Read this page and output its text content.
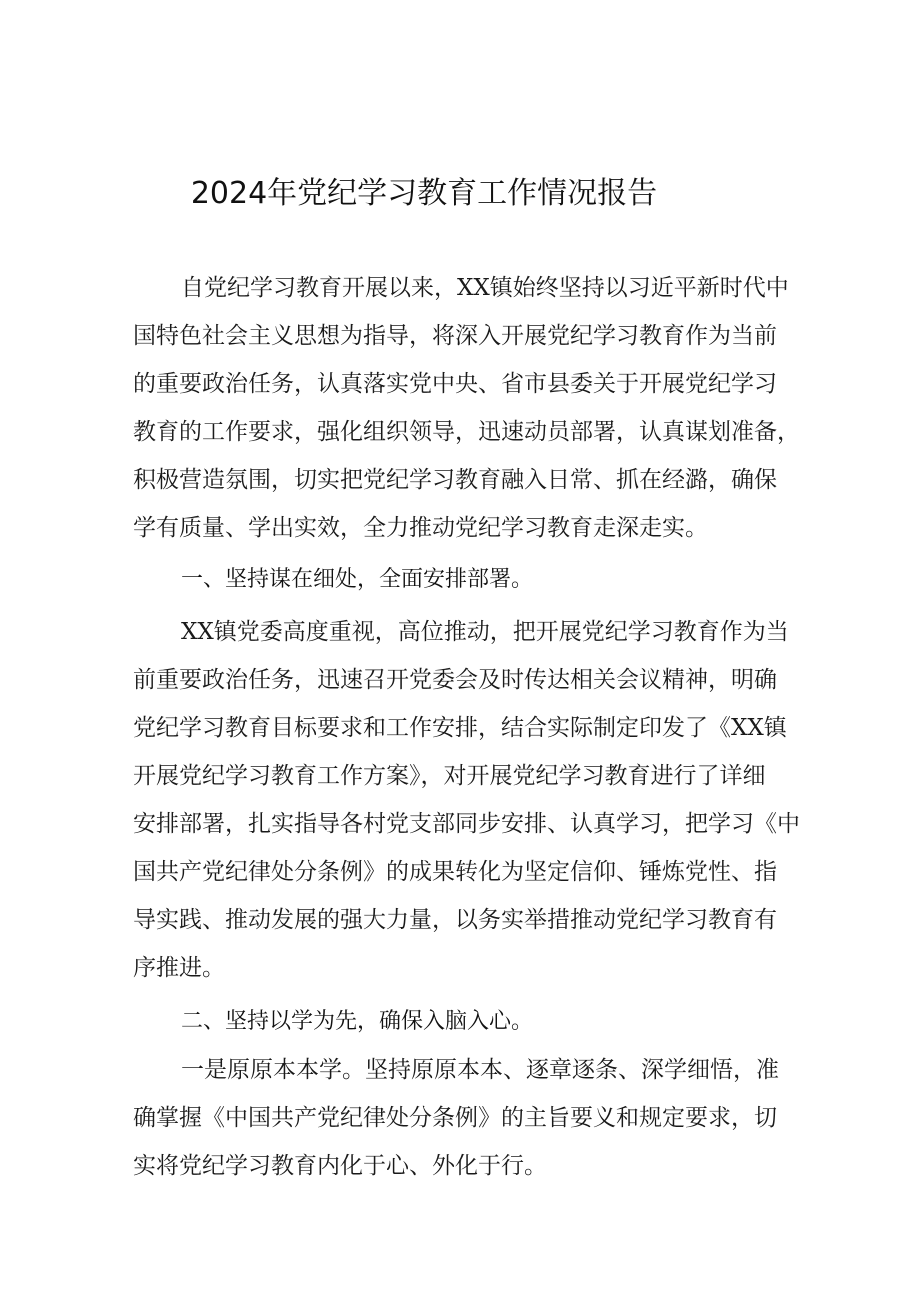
2024年党纪学习教育工作情况报告
自党纪学习教育开展以来，XX镇始终坚持以习近平新时代中
国特色社会主义思想为指导，将深入开展党纪学习教育作为当前
的重要政治任务，认真落实党中央、省市县委关于开展党纪学习
教育的工作要求，强化组织领导，迅速动员部署，认真谋划准备，
积极营造氛围，切实把党纪学习教育融入日常、抓在经潞，确保
学有质量、学出实效，全力推动党纪学习教育走深走实。
一、坚持谋在细处，全面安排部署。
XX镇党委高度重视，高位推动，把开展党纪学习教育作为当
前重要政治任务，迅速召开党委会及时传达相关会议精神，明确
党纪学习教育目标要求和工作安排，结合实际制定印发了《XX镇
开展党纪学习教育工作方案》，对开展党纪学习教育进行了详细
安排部署，扎实指导各村党支部同步安排、认真学习，把学习《中
国共产党纪律处分条例》的成果转化为坚定信仰、锤炼党性、指
导实践、推动发展的强大力量，以务实举措推动党纪学习教育有
序推进。
二、坚持以学为先，确保入脑入心。
一是原原本本学。坚持原原本本、逐章逐条、深学细悟，准
确掌握《中国共产党纪律处分条例》的主旨要义和规定要求，切
实将党纪学习教育内化于心、外化于行。
